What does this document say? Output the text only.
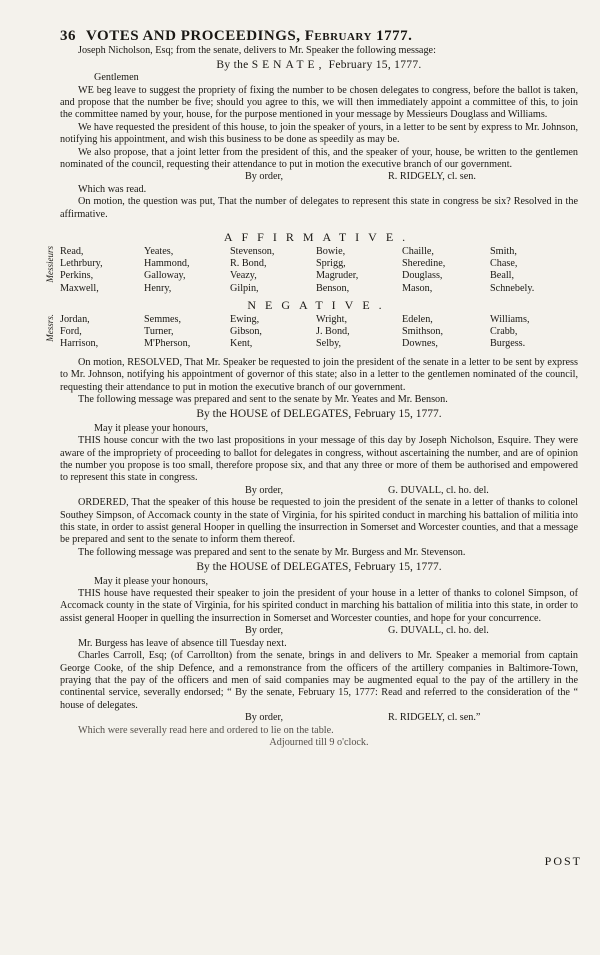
36 VOTES AND PROCEEDINGS, February 1777.

Joseph Nicholson, Esq; from the senate, delivers to Mr. Speaker the following message:

By the SENATE, February 15, 1777.

Gentlemen

WE beg leave to suggest the propriety of fixing the number to be chosen delegates to congress, before the ballot is taken, and propose that the number be five; should you agree to this, we will then immediately appoint a committee of this, to join the committee named by your, house, for the purpose mentioned in your message by Messieurs Douglass and Williams.

We have requested the president of this house, to join the speaker of yours, in a letter to be sent by express to Mr. Johnson, notifying his appointment, and wish this business to be done as speedily as may be.

We also propose, that a joint letter from the president of this, and the speaker of your, house, be written to the gentlemen nominated of the council, requesting their attendance to put in motion the executive branch of our government.

By order,	R. RIDGELY, cl. sen.

Which was read.

On motion, the question was put, That the number of delegates to represent this state in congress be six? Resolved in the affirmative.

AFFIRMATIVE.
Messieurs Read,	Yeates,	Stevenson,	Bowie,	Chaille,	Smith,
Lethrbury,	Hammond,	R. Bond,	Sprigg,	Sheredine,	Chase,
Perkins,	Galloway,	Veazy,	Magruder,	Douglass,	Beall,
Maxwell,	Henry,	Gilpin,	Benson,	Mason,	Schnebely.
NEGATIVE.
Messrs. Jordan,	Semmes,	Ewing,	Wright,	Edelen,	Williams,
Ford,	Turner,	Gibson,	J. Bond,	Smithson,	Crabb,
Harrison,	M'Pherson,	Kent,	Selby,	Downes,	Burgess.

On motion, RESOLVED, That Mr. Speaker be requested to join the president of the senate in a letter to be sent by express to Mr. Johnson, notifying his appointment of governor of this state; also in a letter to the gentlemen nominated of the council, requesting their attendance to put in motion the executive branch of our government.

The following message was prepared and sent to the senate by Mr. Yeates and Mr. Benson.

By the HOUSE of DELEGATES, February 15, 1777.

May it please your honours,

THIS house concur with the two last propositions in your message of this day by Joseph Nicholson, Esquire. They were aware of the impropriety of proceeding to ballot for delegates in congress, without ascertaining the number, and are of opinion the number you propose is too small, therefore propose six, and that any three or more of them be authorised and empowered to represent this state in congress.

By order,	G. DUVALL, cl. ho. del.

ORDERED, That the speaker of this house be requested to join the president of the senate in a letter of thanks to colonel Southey Simpson, of Accomack county in the state of Virginia, for his spirited conduct in marching his battalion of militia into this state, in order to assist general Hooper in quelling the insurrection in Somerset and Worcester counties, and that a message be prepared and sent to the senate to inform them thereof.

The following message was prepared and sent to the senate by Mr. Burgess and Mr. Stevenson.

By the HOUSE of DELEGATES, February 15, 1777.

May it please your honours,

THIS house have requested their speaker to join the president of your house in a letter of thanks to colonel Simpson, of Accomack county in the state of Virginia, for his spirited conduct in marching his battalion of militia into this state, in order to assist general Hooper in quelling the insurrection in Somerset and Worcester counties, and hope for your concurrence.

By order,	G. DUVALL, cl. ho. del.

Mr. Burgess has leave of absence till Tuesday next.

Charles Carroll, Esq; (of Carrollton) from the senate, brings in and delivers to Mr. Speaker a memorial from captain George Cooke, of the ship Defence, and a remonstrance from the officers of the artillery companies in Baltimore-Town, praying that the pay of the officers and men of said companies may be augmented equal to the pay of the artillery in the continental service, severally endorsed; “ By the senate, February 15, 1777: Read and referred to the consideration of the “ house of delegates.

By order,	R. RIDGELY, cl. sen.”

Which were severally read here and ordered to lie on the table.

Adjourned till 9 o'clock.

POST
